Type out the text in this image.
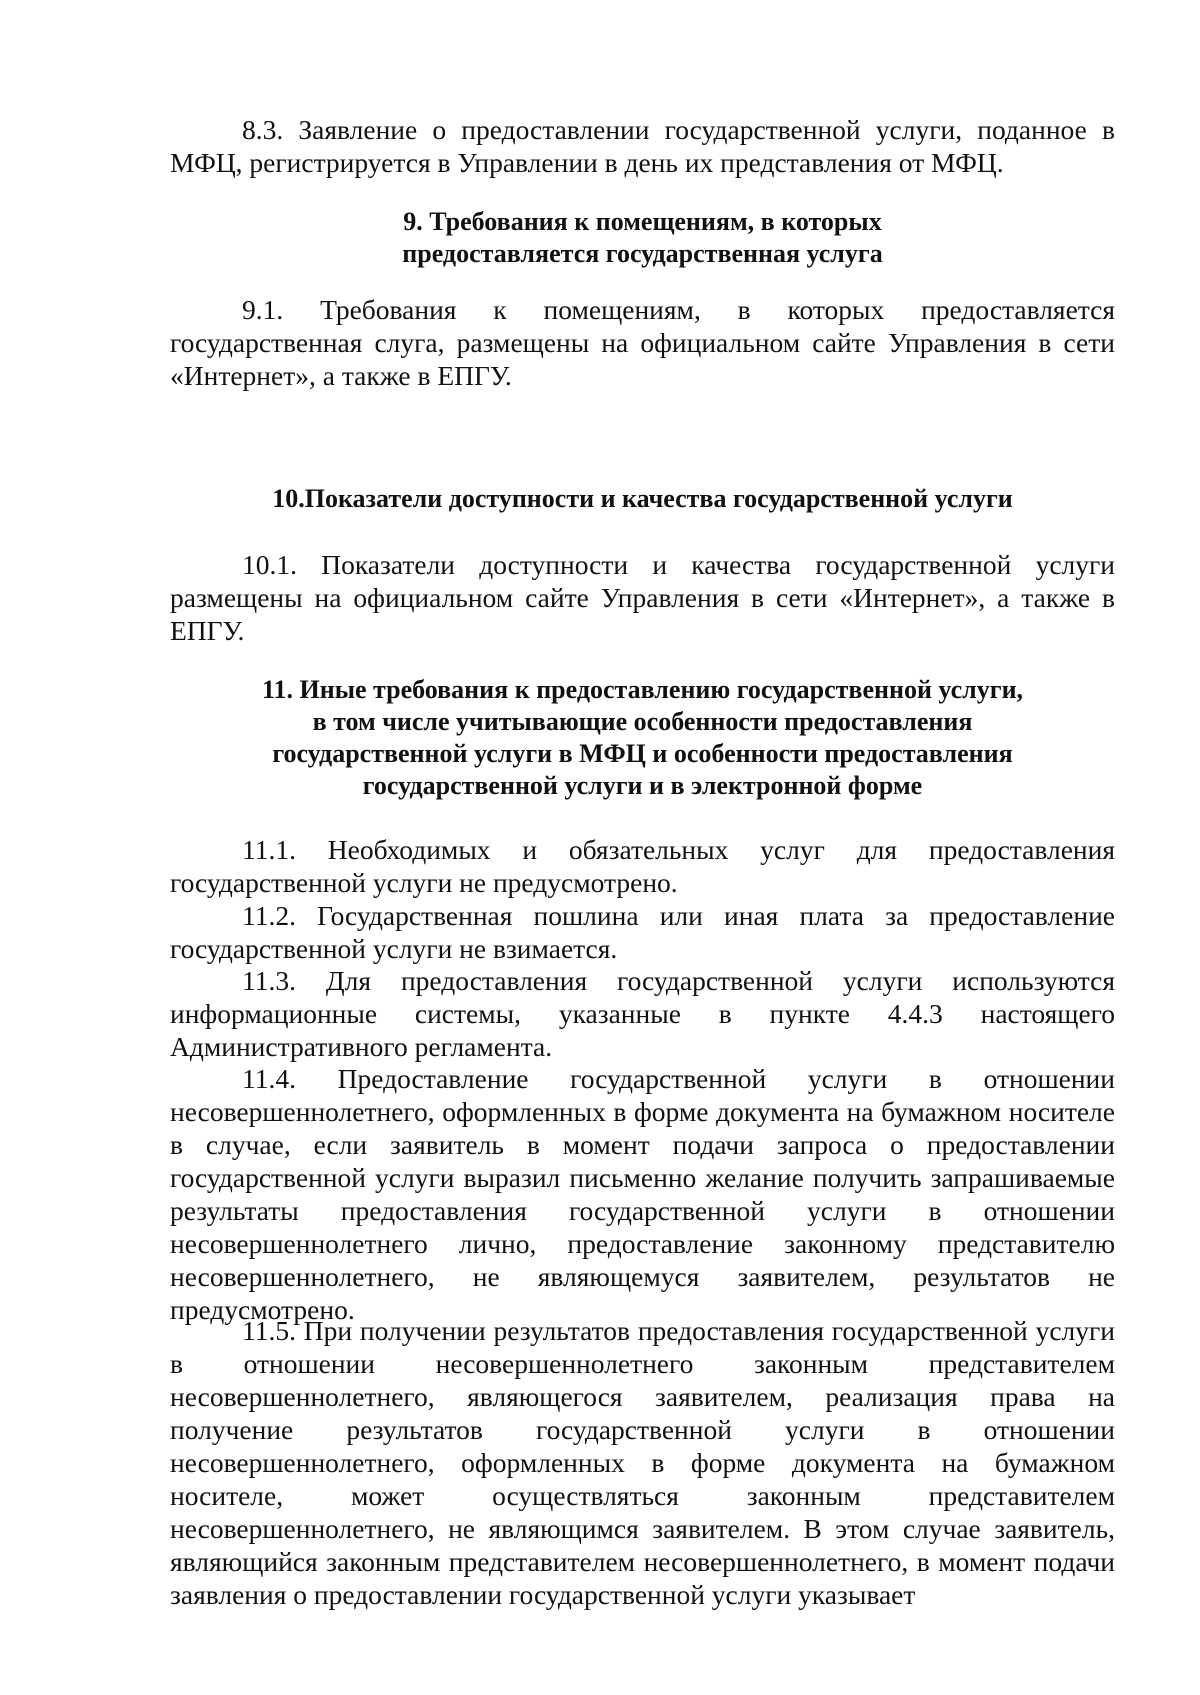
8.3. Заявление о предоставлении государственной услуги, поданное в МФЦ, регистрируется в Управлении в день их представления от МФЦ.

9. Требования к помещениям, в которых
предоставляется государственная услуга

9.1. Требования к помещениям, в которых предоставляется государственная слуга, размещены на официальном сайте Управления в сети «Интернет», а также в ЕПГУ.

10.Показатели доступности и качества государственной услуги

10.1. Показатели доступности и качества государственной услуги размещены на официальном сайте Управления в сети «Интернет», а также в ЕПГУ.

11. Иные требования к предоставлению государственной услуги,
в том числе учитывающие особенности предоставления
государственной услуги в МФЦ и особенности предоставления
государственной услуги и в электронной форме

11.1. Необходимых и обязательных услуг для предоставления государственной услуги не предусмотрено.

11.2. Государственная пошлина или иная плата за предоставление государственной услуги не взимается.

11.3. Для предоставления государственной услуги используются информационные системы, указанные в пункте 4.4.3 настоящего Административного регламента.

11.4. Предоставление государственной услуги в отношении несовершеннолетнего, оформленных в форме документа на бумажном носителе в случае, если заявитель в момент подачи запроса о предоставлении государственной услуги выразил письменно желание получить запрашиваемые результаты предоставления государственной услуги в отношении несовершеннолетнего лично, предоставление законному представителю несовершеннолетнего, не являющемуся заявителем, результатов не предусмотрено.

11.5. При получении результатов предоставления государственной услуги в отношении несовершеннолетнего законным представителем несовершеннолетнего, являющегося заявителем, реализация права на получение результатов государственной услуги в отношении несовершеннолетнего, оформленных в форме документа на бумажном носителе, может осуществляться законным представителем несовершеннолетнего, не являющимся заявителем. В этом случае заявитель, являющийся законным представителем несовершеннолетнего, в момент подачи заявления о предоставлении государственной услуги указывает
